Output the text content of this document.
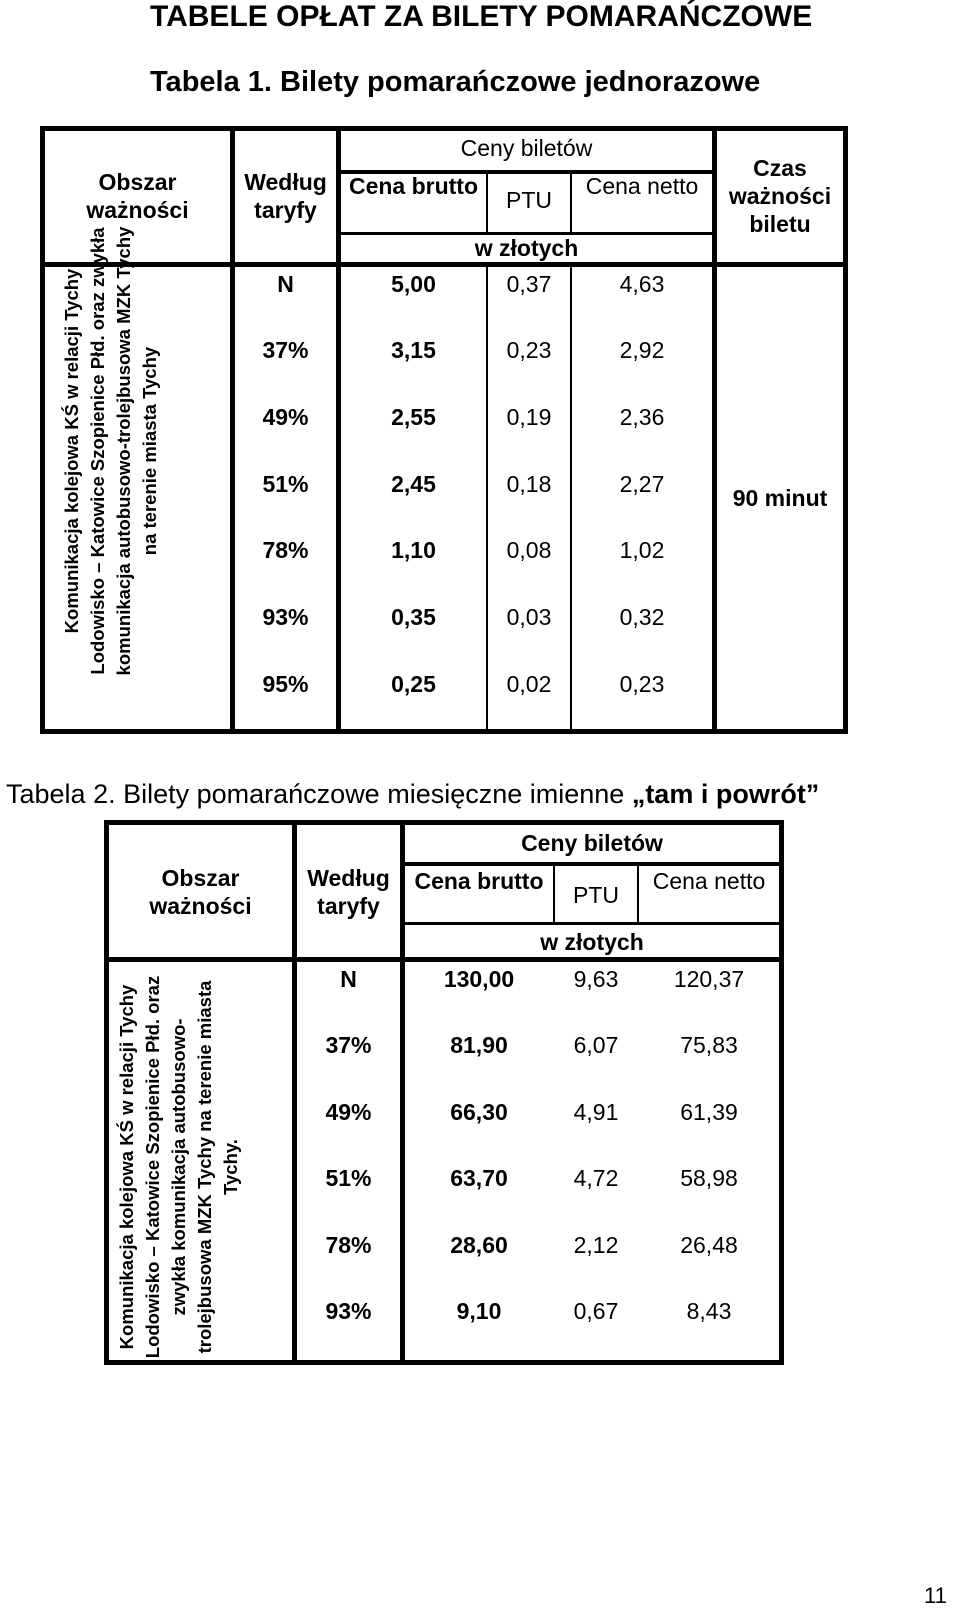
TABELE OPŁAT ZA BILETY POMARAŃCZOWE
Tabela 1. Bilety pomarańczowe jednorazowe
Obszar ważności
Według taryfy
Ceny biletów
Cena brutto
PTU
Cena netto
w złotych
Czas ważności biletu
Komunikacja kolejowa KŚ w relacji Tychy Lodowisko – Katowice Szopienice Płd. oraz zwykła komunikacja autobusowo-trolejbusowa MZK Tychy na terenie miasta Tychy	90 minut
N	5,00	0,37	4,63
37%	3,15	0,23	2,92
49%	2,55	0,19	2,36
51%	2,45	0,18	2,27
78%	1,10	0,08	1,02
93%	0,35	0,03	0,32
95%	0,25	0,02	0,23
Tabela 2. Bilety pomarańczowe miesięczne imienne „tam i powrót”
Obszar ważności
Według taryfy
Ceny biletów
Cena brutto
PTU
Cena netto
w złotych
Komunikacja kolejowa KŚ w relacji Tychy Lodowisko – Katowice Szopienice Płd. oraz zwykła komunikacja autobusowo-trolejbusowa MZK Tychy na terenie miasta Tychy.
N	130,00	9,63	120,37
37%	81,90	6,07	75,83
49%	66,30	4,91	61,39
51%	63,70	4,72	58,98
78%	28,60	2,12	26,48
93%	9,10	0,67	8,43
11
